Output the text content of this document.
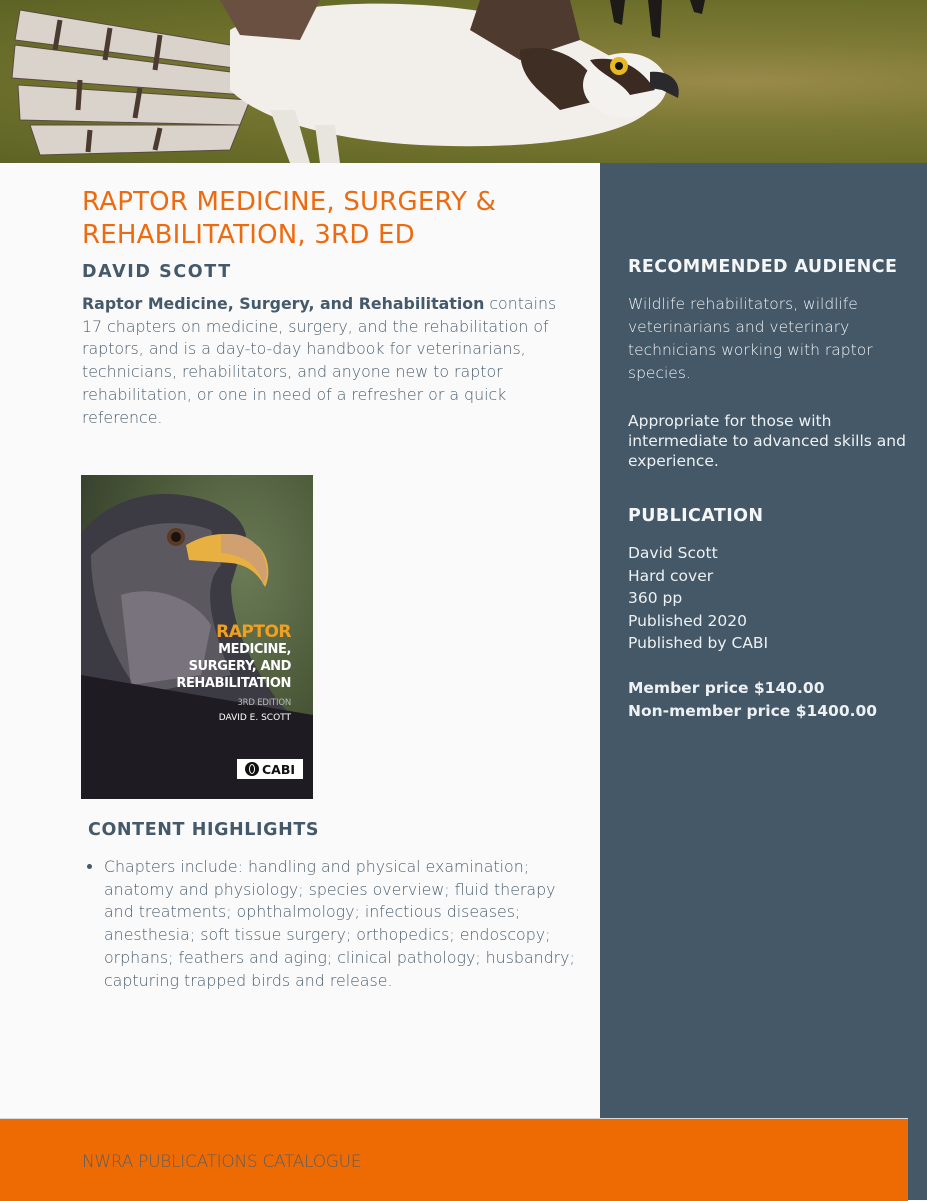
RECOMMENDED AUDIENCE

Wildlife rehabilitators, wildlife veterinarians and veterinary technicians working with raptor species.

Appropriate for those with intermediate to advanced skills and experience.

PUBLICATION

David Scott

Hard cover

360 pp

Published 2020

Published by CABI

Member price $140.00

Non-member price $1400.00

RAPTOR MEDICINE, SURGERY & REHABILITATION, 3RD ED
DAVID SCOTT

Raptor Medicine, Surgery, and Rehabilitation contains 17 chapters on medicine, surgery, and the rehabilitation of raptors, and is a day-to-day handbook for veterinarians, technicians, rehabilitators, and anyone new to raptor rehabilitation, or one in need of a refresher or a quick reference.

RAPTOR
MEDICINE,
SURGERY, AND
REHABILITATION
3RD EDITION
DAVID E. SCOTT
CABI
CONTENT HIGHLIGHTS
• Chapters include: handling and physical examination; anatomy and physiology; species overview; fluid therapy and treatments; ophthalmology; infectious diseases; anesthesia; soft tissue surgery; orthopedics; endoscopy; orphans; feathers and aging; clinical pathology; husbandry; capturing trapped birds and release.

NWRA PUBLICATIONS CATALOGUE
